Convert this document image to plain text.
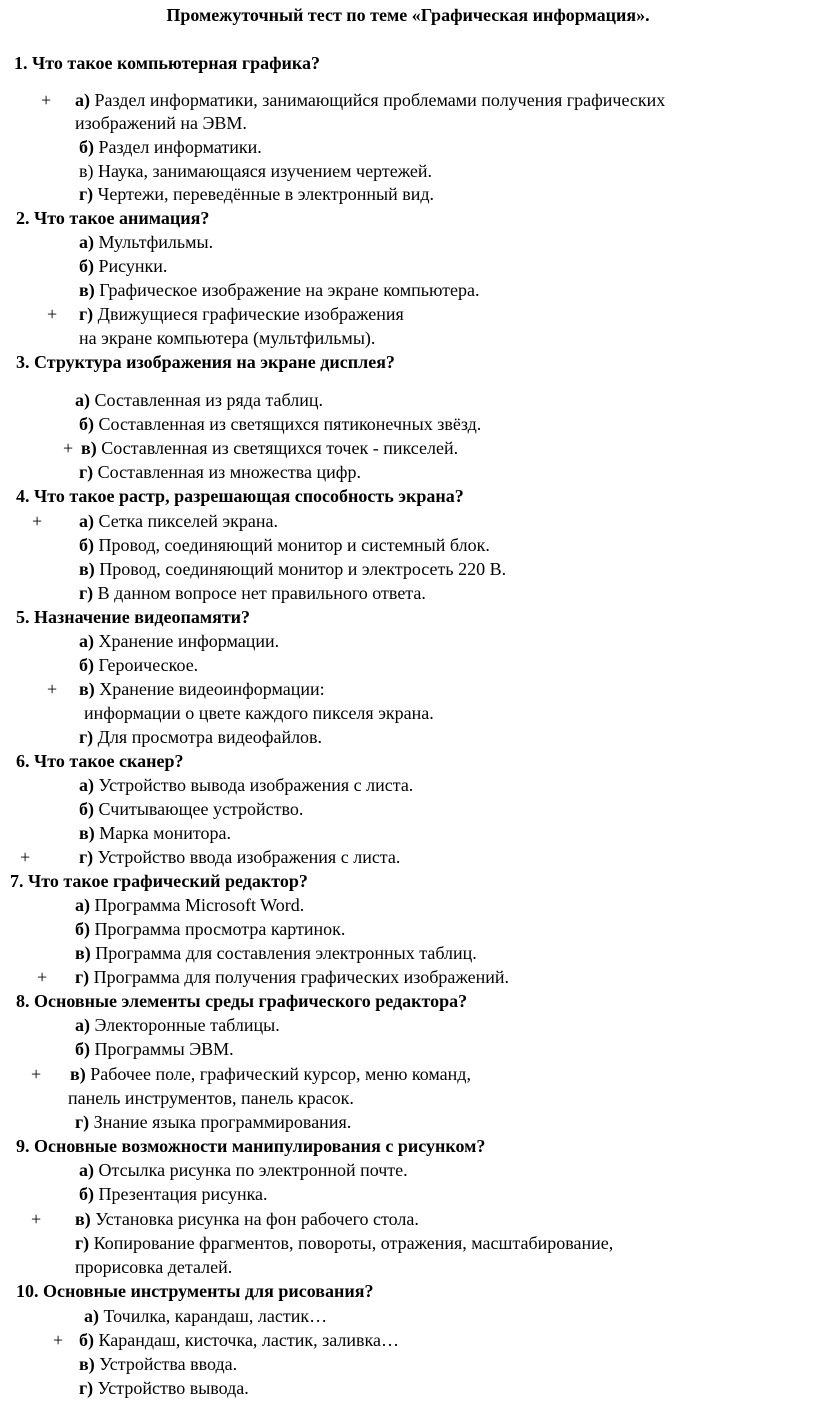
Промежуточный тест по теме «Графическая информация».
1. Что такое компьютерная графика?
+ а) Раздел информатики, занимающийся проблемами получения графических
изображений на ЭВМ.
б) Раздел информатики.
в) Наука, занимающаяся изучением чертежей.
г) Чертежи, переведённые в электронный вид.
2. Что такое анимация?
а) Мультфильмы.
б) Рисунки.
в) Графическое изображение на экране компьютера.
+ г) Движущиеся графические изображения
на экране компьютера (мультфильмы).
3. Структура изображения на экране дисплея?
а) Составленная из ряда таблиц.
б) Составленная из светящихся пятиконечных звёзд.
+ в) Составленная из светящихся точек - пикселей.
г) Составленная из множества цифр.
4. Что такое растр, разрешающая способность экрана?
+ а) Сетка пикселей экрана.
б) Провод, соединяющий монитор и системный блок.
в) Провод, соединяющий монитор и электросеть 220 В.
г) В данном вопросе нет правильного ответа.
5. Назначение видеопамяти?
а) Хранение информации.
б) Героическое.
+ в) Хранение видеоинформации:
информации о цвете каждого пикселя экрана.
г) Для просмотра видеофайлов.
6. Что такое сканер?
а) Устройство вывода изображения с листа.
б) Считывающее устройство.
в) Марка монитора.
+	г) Устройство ввода изображения с листа.
7. Что такое графический редактор?
а) Программа Microsoft Word.
б) Программа просмотра картинок.
в) Программа для составления электронных таблиц.
+ г) Программа для получения графических изображений.
8. Основные элементы среды графического редактора?
а) Электоронные таблицы.
б) Программы ЭВМ.
+ в) Рабочее поле, графический курсор, меню команд,
панель инструментов, панель красок.
г) Знание языка программирования.
9. Основные возможности манипулирования с рисунком?
а) Отсылка рисунка по электронной почте.
б) Презентация рисунка.
+ в) Установка рисунка на фон рабочего стола.
г) Копирование фрагментов, повороты, отражения, масштабирование,
прорисовка деталей.
10. Основные инструменты для рисования?
а) Точилка, карандаш, ластик…
+ б) Карандаш, кисточка, ластик, заливка…
в) Устройства ввода.
г) Устройство вывода.
